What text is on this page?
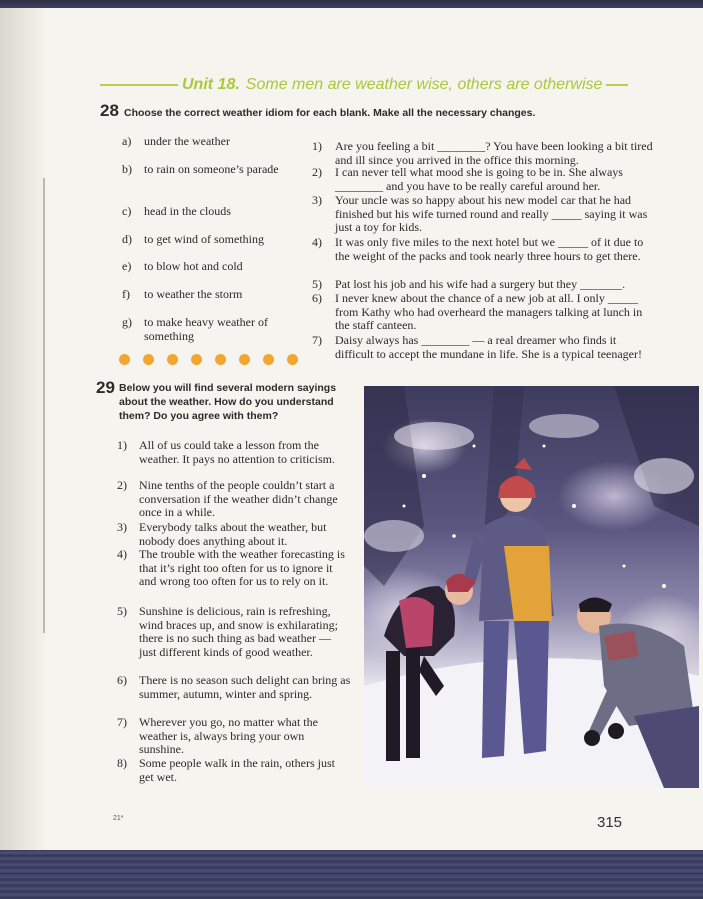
Unit 18. Some men are weather wise, others are otherwise
28 Choose the correct weather idiom for each blank. Make all the necessary changes.
a)	under the weather
b)	to rain on someone’s parade
c)	head in the clouds
d)	to get wind of something
e)	to blow hot and cold
f)	to weather the storm
g)	to make heavy weather of something
1)	Are you feeling a bit ________? You have been looking a bit tired and ill since you arrived in the office this morning.
2)	I can never tell what mood she is going to be in. She always ________ and you have to be really careful around her.
3)	Your uncle was so happy about his new model car that he had finished but his wife turned round and really _____ saying it was just a toy for kids.
4)	It was only five miles to the next hotel but we _____ of it due to the weight of the packs and took nearly three hours to get there.
5)	Pat lost his job and his wife had a surgery but they _______.
6)	I never knew about the chance of a new job at all. I only _____ from Kathy who had overheard the managers talking at lunch in the staff canteen.
7)	Daisy always has ________ — a real dreamer who finds it difficult to accept the mundane in life. She is a typical teenager!
29 Below you will find several modern sayings about the weather. How do you understand them? Do you agree with them?
1)	All of us could take a lesson from the weather. It pays no attention to criticism.
2)	Nine tenths of the people couldn’t start a conversation if the weather didn’t change once in a while.
3)	Everybody talks about the weather, but nobody does anything about it.
4)	The trouble with the weather forecasting is that it’s right too often for us to ignore it and wrong too often for us to rely on it.
5)	Sunshine is delicious, rain is refreshing, wind braces up, and snow is exhilarating; there is no such thing as bad weather — just different kinds of good weather.
6)	There is no season such delight can bring as summer, autumn, winter and spring.
7)	Wherever you go, no matter what the weather is, always bring your own sunshine.
8)	Some people walk in the rain, others just get wet.
21*	315
